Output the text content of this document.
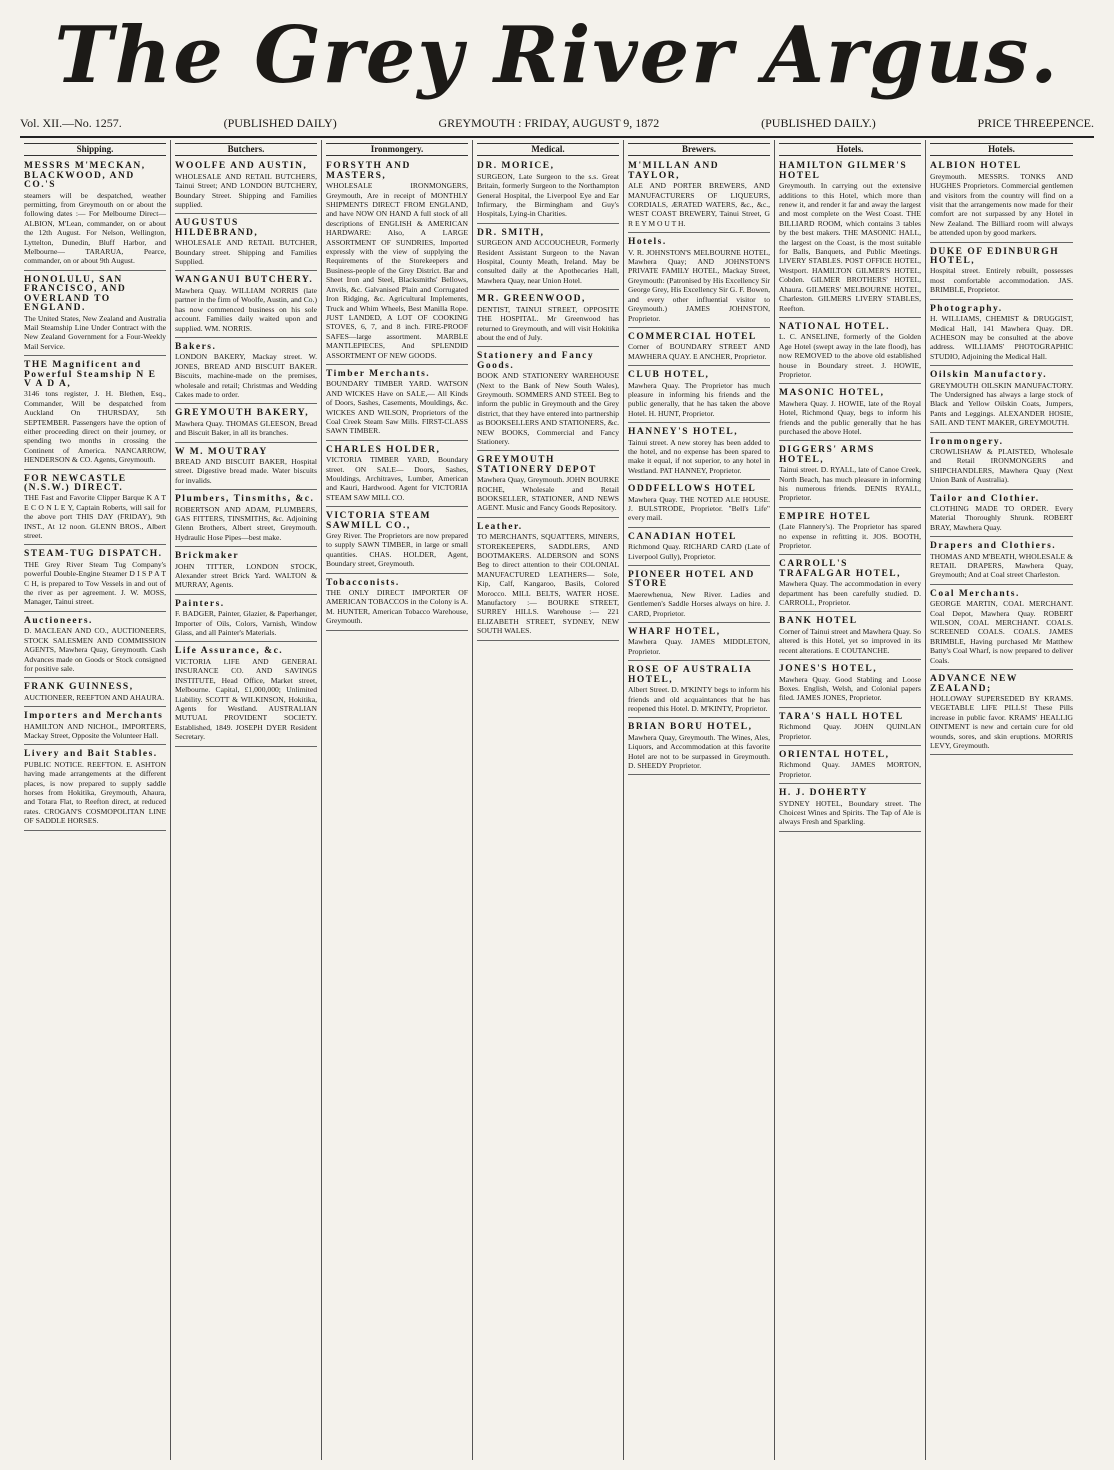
The Grey River Argus.
Vol. XII.—No. 1257.	(PUBLISHED DAILY)	GREYMOUTH : FRIDAY, AUGUST 9, 1872	(PUBLISHED DAILY.)	PRICE THREEPENCE.
Shipping.
MESSRS M'MECKAN, BLACKWOOD, AND CO.'S
steamers will be despatched, weather permitting, from Greymouth on or about the following dates :— For Melbourne Direct— ALBION, M'Lean, commander, on or about the 12th August. For Nelson, Wellington, Lyttelton, Dunedin, Bluff Harbor, and Melbourne— TARARUA, Pearce, commander, on or about 9th August.
HONOLULU, SAN FRANCISCO, AND OVERLAND TO ENGLAND.
The United States, New Zealand and Australia Mail Steamship Line Under Contract with the New Zealand Government for a Four-Weekly Mail Service.
THE Magnificent and Powerful Steamship N E V A D A,
3146 tons register, J. H. Blethen, Esq., Commander, Will be despatched from Auckland On THURSDAY, 5th SEPTEMBER. Passengers have the option of either proceeding direct on their journey, or spending two months in crossing the Continent of America. NANCARROW, HENDERSON & CO. Agents, Greymouth.
FOR NEWCASTLE (N.S.W.) DIRECT.
THE Fast and Favorite Clipper Barque K A T E C O N L E Y, Captain Roberts, will sail for the above port THIS DAY (FRIDAY), 9th INST., At 12 noon. GLENN BROS., Albert street.
STEAM-TUG DISPATCH.
THE Grey River Steam Tug Company's powerful Double-Engine Steamer D I S P A T C H, is prepared to Tow Vessels in and out of the river as per agreement. J. W. MOSS, Manager, Tainui street.
Auctioneers.
D. MACLEAN AND CO., AUCTIONEERS, STOCK SALESMEN AND COMMISSION AGENTS, Mawhera Quay, Greymouth. Cash Advances made on Goods or Stock consigned for positive sale.
FRANK GUINNESS,
AUCTIONEER, REEFTON AND AHAURA.
Importers and Merchants
HAMILTON AND NICHOL, IMPORTERS, Mackay Street, Opposite the Volunteer Hall.
Livery and Bait Stables.
PUBLIC NOTICE. REEFTON. E. ASHTON having made arrangements at the different places, is now prepared to supply saddle horses from Hokitika, Greymouth, Ahaura, and Totara Flat, to Reefton direct, at reduced rates. CROGAN'S COSMOPOLITAN LINE OF SADDLE HORSES.
Butchers.
WOOLFE AND AUSTIN,
WHOLESALE AND RETAIL BUTCHERS, Tainui Street; AND LONDON BUTCHERY, Boundary Street. Shipping and Families supplied.
AUGUSTUS HILDEBRAND,
WHOLESALE AND RETAIL BUTCHER, Boundary street. Shipping and Families Supplied.
WANGANUI BUTCHERY.
Mawhera Quay. WILLIAM NORRIS (late partner in the firm of Woolfe, Austin, and Co.) has now commenced business on his sole account. Families daily waited upon and supplied. WM. NORRIS.
Bakers.
LONDON BAKERY, Mackay street. W. JONES, BREAD AND BISCUIT BAKER. Biscuits, machine-made on the premises, wholesale and retail; Christmas and Wedding Cakes made to order.
GREYMOUTH BAKERY,
Mawhera Quay. THOMAS GLEESON, Bread and Biscuit Baker, in all its branches.
W M. MOUTRAY
BREAD AND BISCUIT BAKER, Hospital street. Digestive bread made. Water biscuits for invalids.
Plumbers, Tinsmiths, &c.
ROBERTSON AND ADAM, PLUMBERS, GAS FITTERS, TINSMITHS, &c. Adjoining Glenn Brothers, Albert street, Greymouth. Hydraulic Hose Pipes—best make.
Brickmaker
JOHN TITTER, LONDON STOCK, Alexander street Brick Yard. WALTON & MURRAY, Agents.
Painters.
F. BADGER, Painter, Glazier, & Paperhanger, Importer of Oils, Colors, Varnish, Window Glass, and all Painter's Materials.
Life Assurance, &c.
VICTORIA LIFE AND GENERAL INSURANCE CO. AND SAVINGS INSTITUTE, Head Office, Market street, Melbourne. Capital, £1,000,000; Unlimited Liability. SCOTT & WILKINSON, Hokitika, Agents for Westland. AUSTRALIAN MUTUAL PROVIDENT SOCIETY. Established, 1849. JOSEPH DYER Resident Secretary.
Ironmongery.
FORSYTH AND MASTERS,
WHOLESALE IRONMONGERS, Greymouth, Are in receipt of MONTHLY SHIPMENTS DIRECT FROM ENGLAND, and have NOW ON HAND A full stock of all descriptions of ENGLISH & AMERICAN HARDWARE: Also, A LARGE ASSORTMENT OF SUNDRIES, Imported expressly with the view of supplying the Requirements of the Storekeepers and Business-people of the Grey District. Bar and Sheet Iron and Steel, Blacksmiths' Bellows, Anvils, &c. Galvanised Plain and Corrugated Iron Ridging, &c. Agricultural Implements, Truck and Whim Wheels, Best Manilla Rope. JUST LANDED, A LOT OF COOKING STOVES, 6, 7, and 8 inch. FIRE-PROOF SAFES—large assortment. MARBLE MANTLEPIECES, And SPLENDID ASSORTMENT OF NEW GOODS.
Timber Merchants.
BOUNDARY TIMBER YARD. WATSON AND WICKES Have on SALE,— All Kinds of Doors, Sashes, Casements, Mouldings, &c. WICKES AND WILSON, Proprietors of the Coal Creek Steam Saw Mills. FIRST-CLASS SAWN TIMBER.
CHARLES HOLDER,
VICTORIA TIMBER YARD, Boundary street. ON SALE— Doors, Sashes, Mouldings, Architraves, Lumber, American and Kauri, Hardwood. Agent for VICTORIA STEAM SAW MILL CO.
VICTORIA STEAM SAWMILL CO.,
Grey River. The Proprietors are now prepared to supply SAWN TIMBER, in large or small quantities. CHAS. HOLDER, Agent, Boundary street, Greymouth.
Tobacconists.
THE ONLY DIRECT IMPORTER OF AMERICAN TOBACCOS in the Colony is A. M. HUNTER, American Tobacco Warehouse, Greymouth.
Medical.
DR. MORICE,
SURGEON, Late Surgeon to the s.s. Great Britain, formerly Surgeon to the Northampton General Hospital, the Liverpool Eye and Ear Infirmary, the Birmingham and Guy's Hospitals, Lying-in Charities.
DR. SMITH,
SURGEON AND ACCOUCHEUR, Formerly Resident Assistant Surgeon to the Navan Hospital, County Meath, Ireland. May be consulted daily at the Apothecaries Hall, Mawhera Quay, near Union Hotel.
MR. GREENWOOD,
DENTIST, TAINUI STREET, OPPOSITE THE HOSPITAL. Mr Greenwood has returned to Greymouth, and will visit Hokitika about the end of July.
Stationery and Fancy Goods.
BOOK AND STATIONERY WAREHOUSE (Next to the Bank of New South Wales), Greymouth. SOMMERS AND STEEL Beg to inform the public in Greymouth and the Grey district, that they have entered into partnership as BOOKSELLERS AND STATIONERS, &c. NEW BOOKS, Commercial and Fancy Stationery.
GREYMOUTH STATIONERY DEPOT
Mawhera Quay, Greymouth. JOHN BOURKE ROCHE, Wholesale and Retail BOOKSELLER, STATIONER, AND NEWS AGENT. Music and Fancy Goods Repository.
Leather.
TO MERCHANTS, SQUATTERS, MINERS, STOREKEEPERS, SADDLERS, AND BOOTMAKERS. ALDERSON and SONS Beg to direct attention to their COLONIAL MANUFACTURED LEATHERS— Sole, Kip, Calf, Kangaroo, Basils, Colored Morocco. MILL BELTS, WATER HOSE. Manufactory :— BOURKE STREET, SURREY HILLS. Warehouse :— 221 ELIZABETH STREET, SYDNEY, NEW SOUTH WALES.
Brewers.
M'MILLAN AND TAYLOR,
ALE AND PORTER BREWERS, AND MANUFACTURERS OF LIQUEURS, CORDIALS, ÆRATED WATERS, &c., &c., WEST COAST BREWERY, Tainui Street, G R E Y M O U T H.
Hotels.
V. R. JOHNSTON'S MELBOURNE HOTEL, Mawhera Quay; AND JOHNSTON'S PRIVATE FAMILY HOTEL, Mackay Street, Greymouth: (Patronised by His Excellency Sir George Grey, His Excellency Sir G. F. Bowen, and every other influential visitor to Greymouth.) JAMES JOHNSTON, Proprietor.
COMMERCIAL HOTEL
Corner of BOUNDARY STREET AND MAWHERA QUAY. E ANCHER, Proprietor.
CLUB HOTEL,
Mawhera Quay. The Proprietor has much pleasure in informing his friends and the public generally, that he has taken the above Hotel. H. HUNT, Proprietor.
HANNEY'S HOTEL,
Tainui street. A new storey has been added to the hotel, and no expense has been spared to make it equal, if not superior, to any hotel in Westland. PAT HANNEY, Proprietor.
ODDFELLOWS HOTEL
Mawhera Quay. THE NOTED ALE HOUSE. J. BULSTRODE, Proprietor. "Bell's Life" every mail.
CANADIAN HOTEL
Richmond Quay. RICHARD CARD (Late of Liverpool Gully), Proprietor.
PIONEER HOTEL AND STORE
Maerewhenua, New River. Ladies and Gentlemen's Saddle Horses always on hire. J. CARD, Proprietor.
WHARF HOTEL,
Mawhera Quay. JAMES MIDDLETON, Proprietor.
ROSE OF AUSTRALIA HOTEL,
Albert Street. D. M'KINTY begs to inform his friends and old acquaintances that he has reopened this Hotel. D. M'KINTY, Proprietor.
BRIAN BORU HOTEL,
Mawhera Quay, Greymouth. The Wines, Ales, Liquors, and Accommodation at this favorite Hotel are not to be surpassed in Greymouth. D. SHEEDY Proprietor.
Hotels.
HAMILTON GILMER'S HOTEL
Greymouth. In carrying out the extensive additions to this Hotel, which more than renew it, and render it far and away the largest and most complete on the West Coast. THE BILLIARD ROOM, which contains 3 tables by the best makers. THE MASONIC HALL, the largest on the Coast, is the most suitable for Balls, Banquets, and Public Meetings. LIVERY STABLES. POST OFFICE HOTEL, Westport. HAMILTON GILMER'S HOTEL, Cobden. GILMER BROTHERS' HOTEL, Ahaura. GILMERS' MELBOURNE HOTEL, Charleston. GILMERS LIVERY STABLES, Reefton.
NATIONAL HOTEL.
L. C. ANSELINE, formerly of the Golden Age Hotel (swept away in the late flood), has now REMOVED to the above old established house in Boundary street. J. HOWIE, Proprietor.
MASONIC HOTEL,
Mawhera Quay. J. HOWIE, late of the Royal Hotel, Richmond Quay, begs to inform his friends and the public generally that he has purchased the above Hotel.
DIGGERS' ARMS HOTEL,
Tainui street. D. RYALL, late of Canoe Creek, North Beach, has much pleasure in informing his numerous friends. DENIS RYALL, Proprietor.
EMPIRE HOTEL
(Late Flannery's). The Proprietor has spared no expense in refitting it. JOS. BOOTH, Proprietor.
CARROLL'S TRAFALGAR HOTEL,
Mawhera Quay. The accommodation in every department has been carefully studied. D. CARROLL, Proprietor.
BANK HOTEL
Corner of Tainui street and Mawhera Quay. So altered is this Hotel, yet so improved in its recent alterations. E COUTANCHE.
JONES'S HOTEL,
Mawhera Quay. Good Stabling and Loose Boxes. English, Welsh, and Colonial papers filed. JAMES JONES, Proprietor.
TARA'S HALL HOTEL
Richmond Quay. JOHN QUINLAN Proprietor.
ORIENTAL HOTEL,
Richmond Quay. JAMES MORTON, Proprietor.
H. J. DOHERTY
SYDNEY HOTEL, Boundary street. The Choicest Wines and Spirits. The Tap of Ale is always Fresh and Sparkling.
Hotels.
ALBION HOTEL
Greymouth. MESSRS. TONKS AND HUGHES Proprietors. Commercial gentlemen and visitors from the country will find on a visit that the arrangements now made for their comfort are not surpassed by any Hotel in New Zealand. The Billiard room will always be attended upon by good markers.
DUKE OF EDINBURGH HOTEL,
Hospital street. Entirely rebuilt, possesses most comfortable accommodation. JAS. BRIMBLE, Proprietor.
Photography.
H. WILLIAMS, CHEMIST & DRUGGIST, Medical Hall, 141 Mawhera Quay. DR. ACHESON may be consulted at the above address. WILLIAMS' PHOTOGRAPHIC STUDIO, Adjoining the Medical Hall.
Oilskin Manufactory.
GREYMOUTH OILSKIN MANUFACTORY. The Undersigned has always a large stock of Black and Yellow Oilskin Coats, Jumpers, Pants and Leggings. ALEXANDER HOSIE, SAIL AND TENT MAKER, GREYMOUTH.
Ironmongery.
CROWLISHAW & PLAISTED, Wholesale and Retail IRONMONGERS and SHIPCHANDLERS, Mawhera Quay (Next Union Bank of Australia).
Tailor and Clothier.
CLOTHING MADE TO ORDER. Every Material Thoroughly Shrunk. ROBERT BRAY, Mawhera Quay.
Drapers and Clothiers.
THOMAS AND M'BEATH, WHOLESALE & RETAIL DRAPERS, Mawhera Quay, Greymouth; And at Coal street Charleston.
Coal Merchants.
GEORGE MARTIN, COAL MERCHANT. Coal Depot, Mawhera Quay. ROBERT WILSON, COAL MERCHANT. COALS. SCREENED COALS. COALS. JAMES BRIMBLE, Having purchased Mr Matthew Batty's Coal Wharf, is now prepared to deliver Coals.
ADVANCE NEW ZEALAND;
HOLLOWAY SUPERSEDED BY KRAMS. VEGETABLE LIFE PILLS! These Pills increase in public favor. KRAMS' HEALLIG OINTMENT is new and certain cure for old wounds, sores, and skin eruptions. MORRIS LEVY, Greymouth.
